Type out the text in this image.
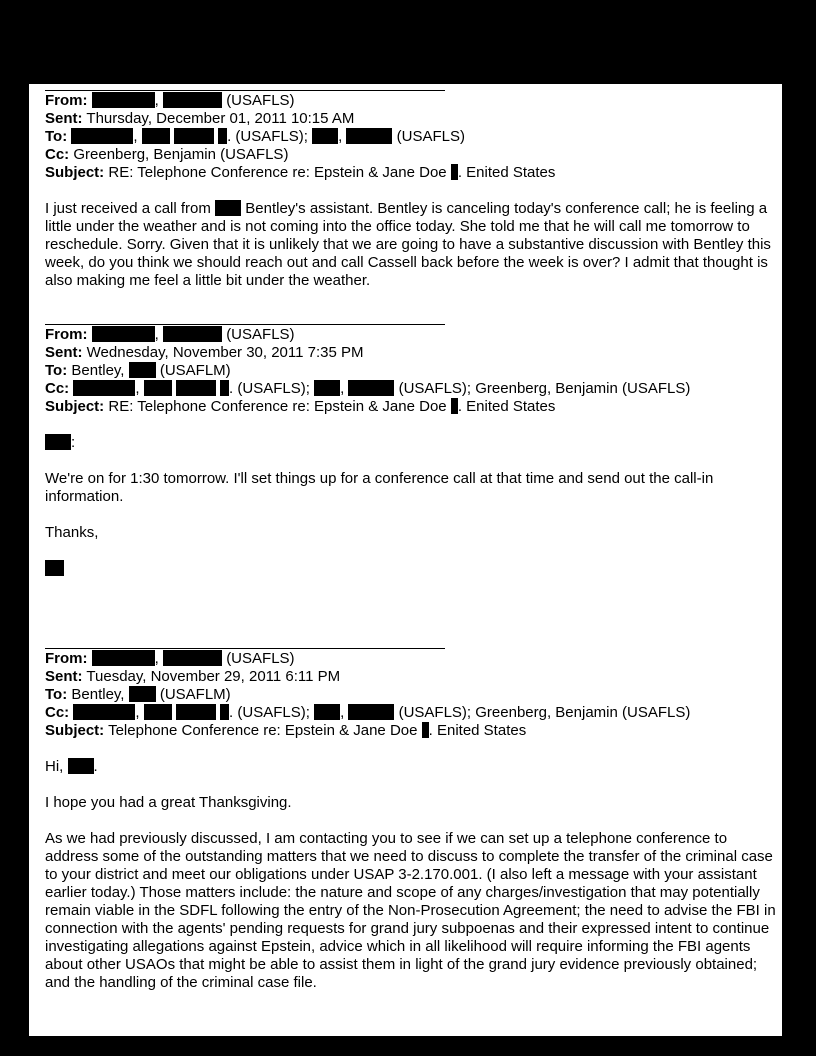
From:	,	(USAFLS)
Sent: Thursday, December 01, 2011 10:15 AM
To:	,	. (USAFLS); ,	(USAFLS)
Cc: Greenberg, Benjamin (USAFLS)
Subject: RE: Telephone Conference re: Epstein & Jane Doe . Enited States
I just received a call from Bentley's assistant. Bentley is canceling today's conference call; he is feeling a little under the weather and is not coming into the office today. She told me that he will call me tomorrow to reschedule. Sorry. Given that it is unlikely that we are going to have a substantive discussion with Bentley this week, do you think we should reach out and call Cassell back before the week is over? I admit that thought is also making me feel a little bit under the weather.
From:	,	(USAFLS)
Sent: Wednesday, November 30, 2011 7:35 PM
To: Bentley, (USAFLM)
Cc:	,	. (USAFLS); ,	(USAFLS); Greenberg, Benjamin (USAFLS)
Subject: RE: Telephone Conference re: Epstein & Jane Doe . Enited States
:
We're on for 1:30 tomorrow. I'll set things up for a conference call at that time and send out the call-in information.
Thanks,
From:	,	(USAFLS)
Sent: Tuesday, November 29, 2011 6:11 PM
To: Bentley, (USAFLM)
Cc:	,	. (USAFLS); ,	(USAFLS); Greenberg, Benjamin (USAFLS)
Subject: Telephone Conference re: Epstein & Jane Doe . Enited States
Hi, .
I hope you had a great Thanksgiving.
As we had previously discussed, I am contacting you to see if we can set up a telephone conference to address some of the outstanding matters that we need to discuss to complete the transfer of the criminal case to your district and meet our obligations under USAP 3-2.170.001. (I also left a message with your assistant earlier today.) Those matters include: the nature and scope of any charges/investigation that may potentially remain viable in the SDFL following the entry of the Non-Prosecution Agreement; the need to advise the FBI in connection with the agents' pending requests for grand jury subpoenas and their expressed intent to continue investigating allegations against Epstein, advice which in all likelihood will require informing the FBI agents about other USAOs that might be able to assist them in light of the grand jury evidence previously obtained; and the handling of the criminal case file.
